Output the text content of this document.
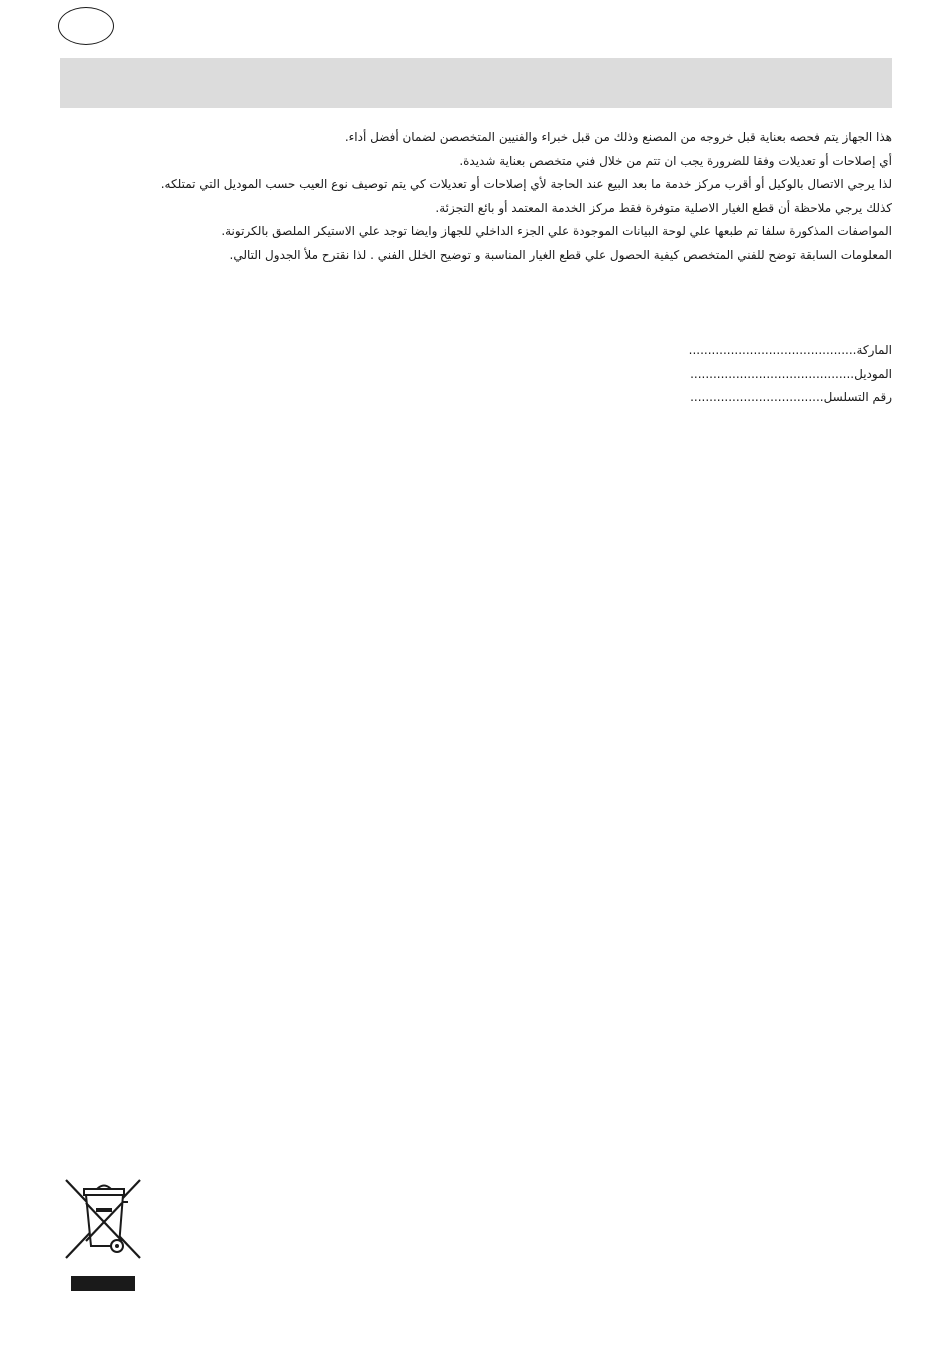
هذا الجهاز يتم فحصه بعناية قبل خروجه من المصنع وذلك من قبل خبراء والفنيين المتخصصن لضمان أفضل أداء.

أي إصلاحات أو تعديلات وفقا للضرورة يجب ان تتم من خلال فني متخصص بعناية شديدة.

لذا يرجي الاتصال بالوكيل أو أقرب مركز خدمة ما بعد البيع عند الحاجة لأي إصلاحات أو تعديلات كي يتم توصيف نوع العيب حسب الموديل التي تمتلكه.

كذلك يرجي ملاحظة أن قطع الغيار الاصلية متوفرة فقط مركز الخدمة المعتمد أو بائع التجزئة.

المواصفات المذكورة سلفا تم طبعها علي لوحة البيانات الموجودة علي الجزء الداخلي للجهاز وايضا توجد علي الاستيكر الملصق بالكرتونة.

المعلومات السابقة توضح للفني المتخصص كيفية الحصول علي قطع الغيار المناسبة و توضيح الخلل الفني . لذا نقترح ملأ الجدول التالي.

الماركة............................................
الموديل...........................................
رقم التسلسل...................................
